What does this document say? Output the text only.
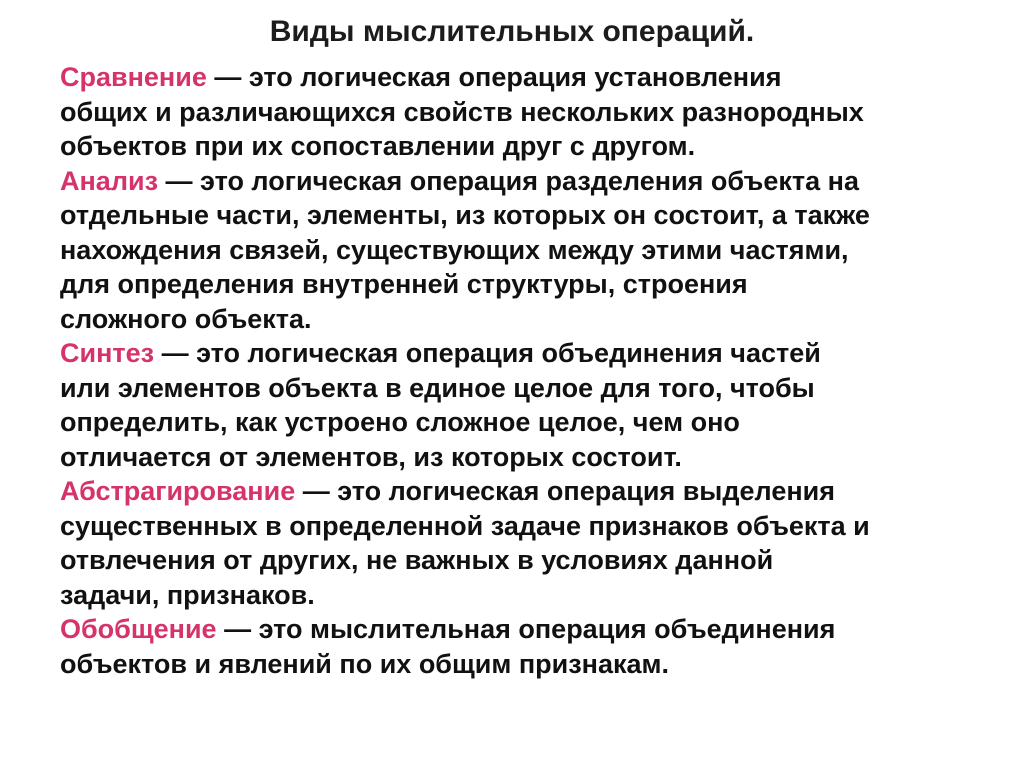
Виды мыслительных операций.
Сравнение — это логическая операция установления
общих и различающихся свойств нескольких разнородных
объектов при их сопоставлении друг с другом.
Анализ — это логическая операция разделения объекта на
отдельные части, элементы, из которых он состоит, а также
нахождения связей, существующих между этими частями,
для определения внутренней структуры, строения
сложного объекта.
Синтез — это логическая операция объединения частей
или элементов объекта в единое целое для того, чтобы
определить, как устроено сложное целое, чем оно
отличается от элементов, из которых состоит.
Абстрагирование — это логическая операция выделения
существенных в определенной задаче признаков объекта и
отвлечения от других, не важных в условиях данной
задачи, признаков.
Обобщение — это мыслительная операция объединения
объектов и явлений по их общим признакам.
